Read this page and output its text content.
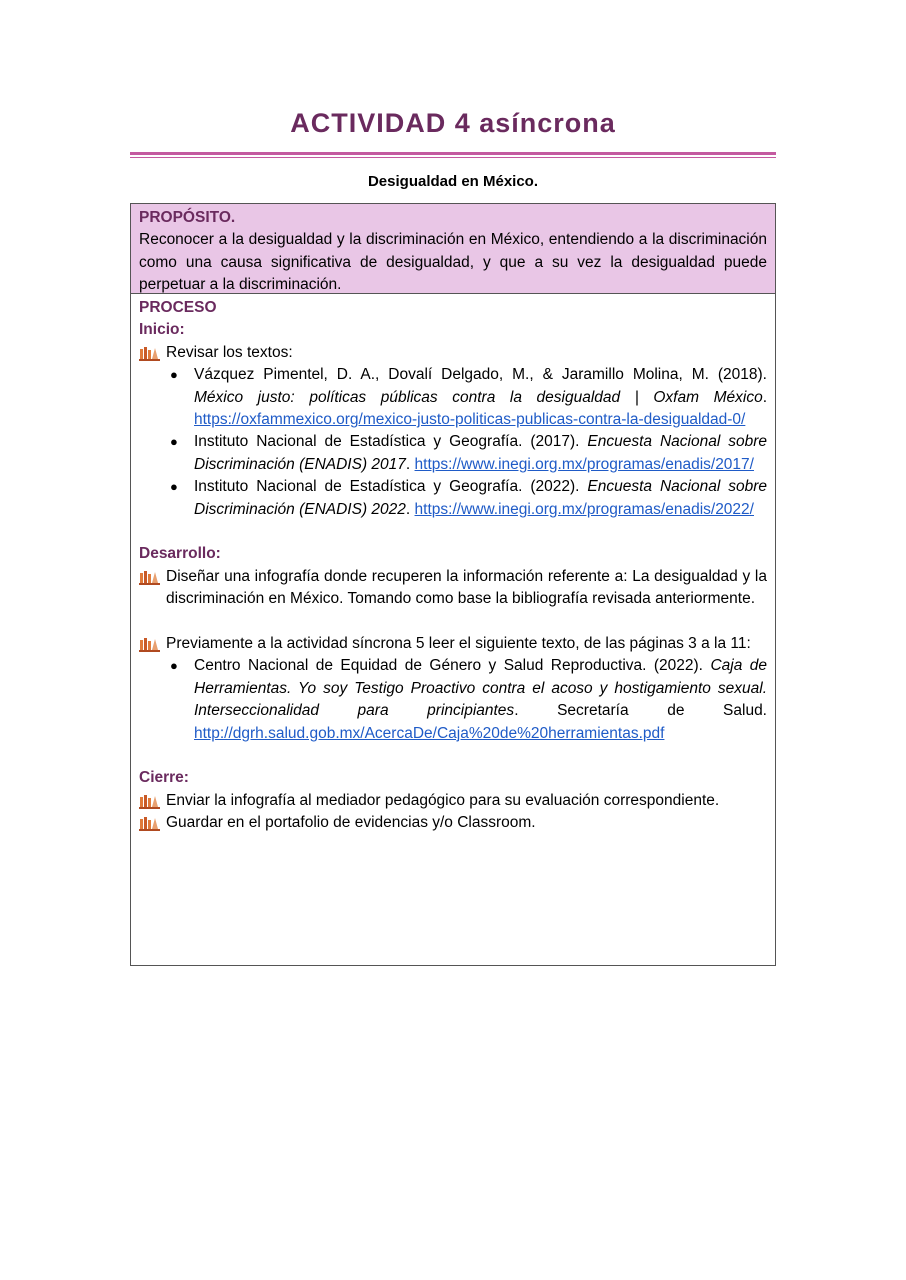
ACTIVIDAD 4 asíncrona
Desigualdad en México.
PROPÓSITO.
Reconocer a la desigualdad y la discriminación en México, entendiendo a la discriminación como una causa significativa de desigualdad, y que a su vez la desigualdad puede perpetuar a la discriminación.
PROCESO
Inicio:
Revisar los textos:
● Vázquez Pimentel, D. A., Dovalí Delgado, M., & Jaramillo Molina, M. (2018). México justo: políticas públicas contra la desigualdad | Oxfam México. https://oxfammexico.org/mexico-justo-politicas-publicas-contra-la-desigualdad-0/
● Instituto Nacional de Estadística y Geografía. (2017). Encuesta Nacional sobre Discriminación (ENADIS) 2017. https://www.inegi.org.mx/programas/enadis/2017/
● Instituto Nacional de Estadística y Geografía. (2022). Encuesta Nacional sobre Discriminación (ENADIS) 2022. https://www.inegi.org.mx/programas/enadis/2022/
Desarrollo:
Diseñar una infografía donde recuperen la información referente a: La desigualdad y la discriminación en México. Tomando como base la bibliografía revisada anteriormente.
Previamente a la actividad síncrona 5 leer el siguiente texto, de las páginas 3 a la 11:
● Centro Nacional de Equidad de Género y Salud Reproductiva. (2022). Caja de Herramientas. Yo soy Testigo Proactivo contra el acoso y hostigamiento sexual. Interseccionalidad para principiantes. Secretaría de Salud. http://dgrh.salud.gob.mx/AcercaDe/Caja%20de%20herramientas.pdf
Cierre:
Enviar la infografía al mediador pedagógico para su evaluación correspondiente.
Guardar en el portafolio de evidencias y/o Classroom.
